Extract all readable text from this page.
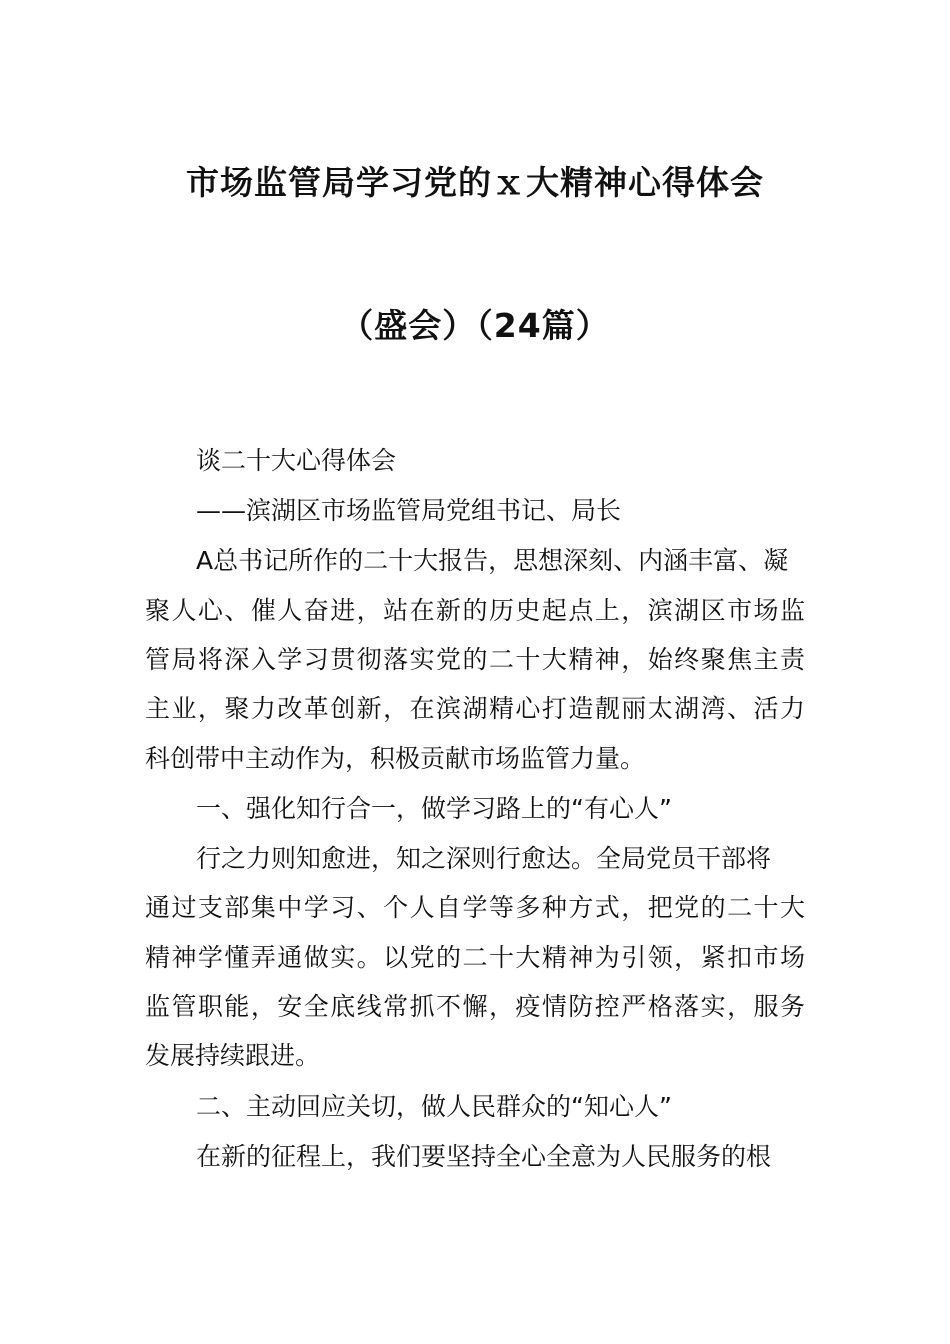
市场监管局学习党的ｘ大精神心得体会
（盛会）（24篇）
谈二十大心得体会
——滨湖区市场监管局党组书记、局长
A总书记所作的二十大报告，思想深刻、内涵丰富、凝
聚人心、催人奋进，站在新的历史起点上，滨湖区市场监
管局将深入学习贯彻落实党的二十大精神，始终聚焦主责
主业，聚力改革创新，在滨湖精心打造靓丽太湖湾、活力
科创带中主动作为，积极贡献市场监管力量。
一、强化知行合一，做学习路上的“有心人”
行之力则知愈进，知之深则行愈达。全局党员干部将
通过支部集中学习、个人自学等多种方式，把党的二十大
精神学懂弄通做实。以党的二十大精神为引领，紧扣市场
监管职能，安全底线常抓不懈，疫情防控严格落实，服务
发展持续跟进。
二、主动回应关切，做人民群众的“知心人”
在新的征程上，我们要坚持全心全意为人民服务的根
